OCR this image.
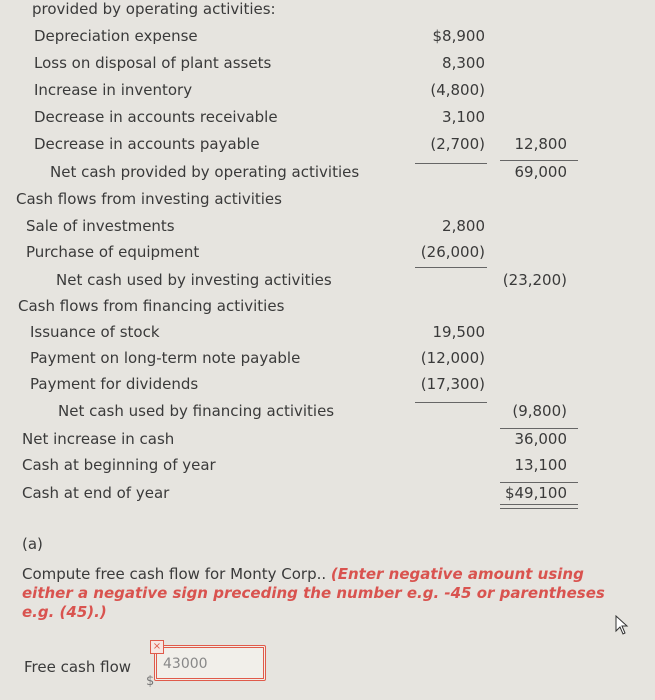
provided by operating activities:
Depreciation expense	$8,900
Loss on disposal of plant assets	8,300
Increase in inventory	(4,800)
Decrease in accounts receivable	3,100
Decrease in accounts payable	(2,700) 12,800
Net cash provided by operating activities	69,000
Cash flows from investing activities
Sale of investments	2,800
Purchase of equipment	(26,000)
Net cash used by investing activities	(23,200)
Cash flows from financing activities
Issuance of stock	19,500
Payment on long-term note payable	(12,000)
Payment for dividends	(17,300)
Net cash used by financing activities	(9,800)
Net increase in cash	36,000
Cash at beginning of year	13,100
Cash at end of year	$49,100
(a)
Compute free cash flow for Monty Corp.. (Enter negative amount using either a negative sign preceding the number e.g. -45 or parentheses e.g. (45).)
Free cash flow
$
43000
×
